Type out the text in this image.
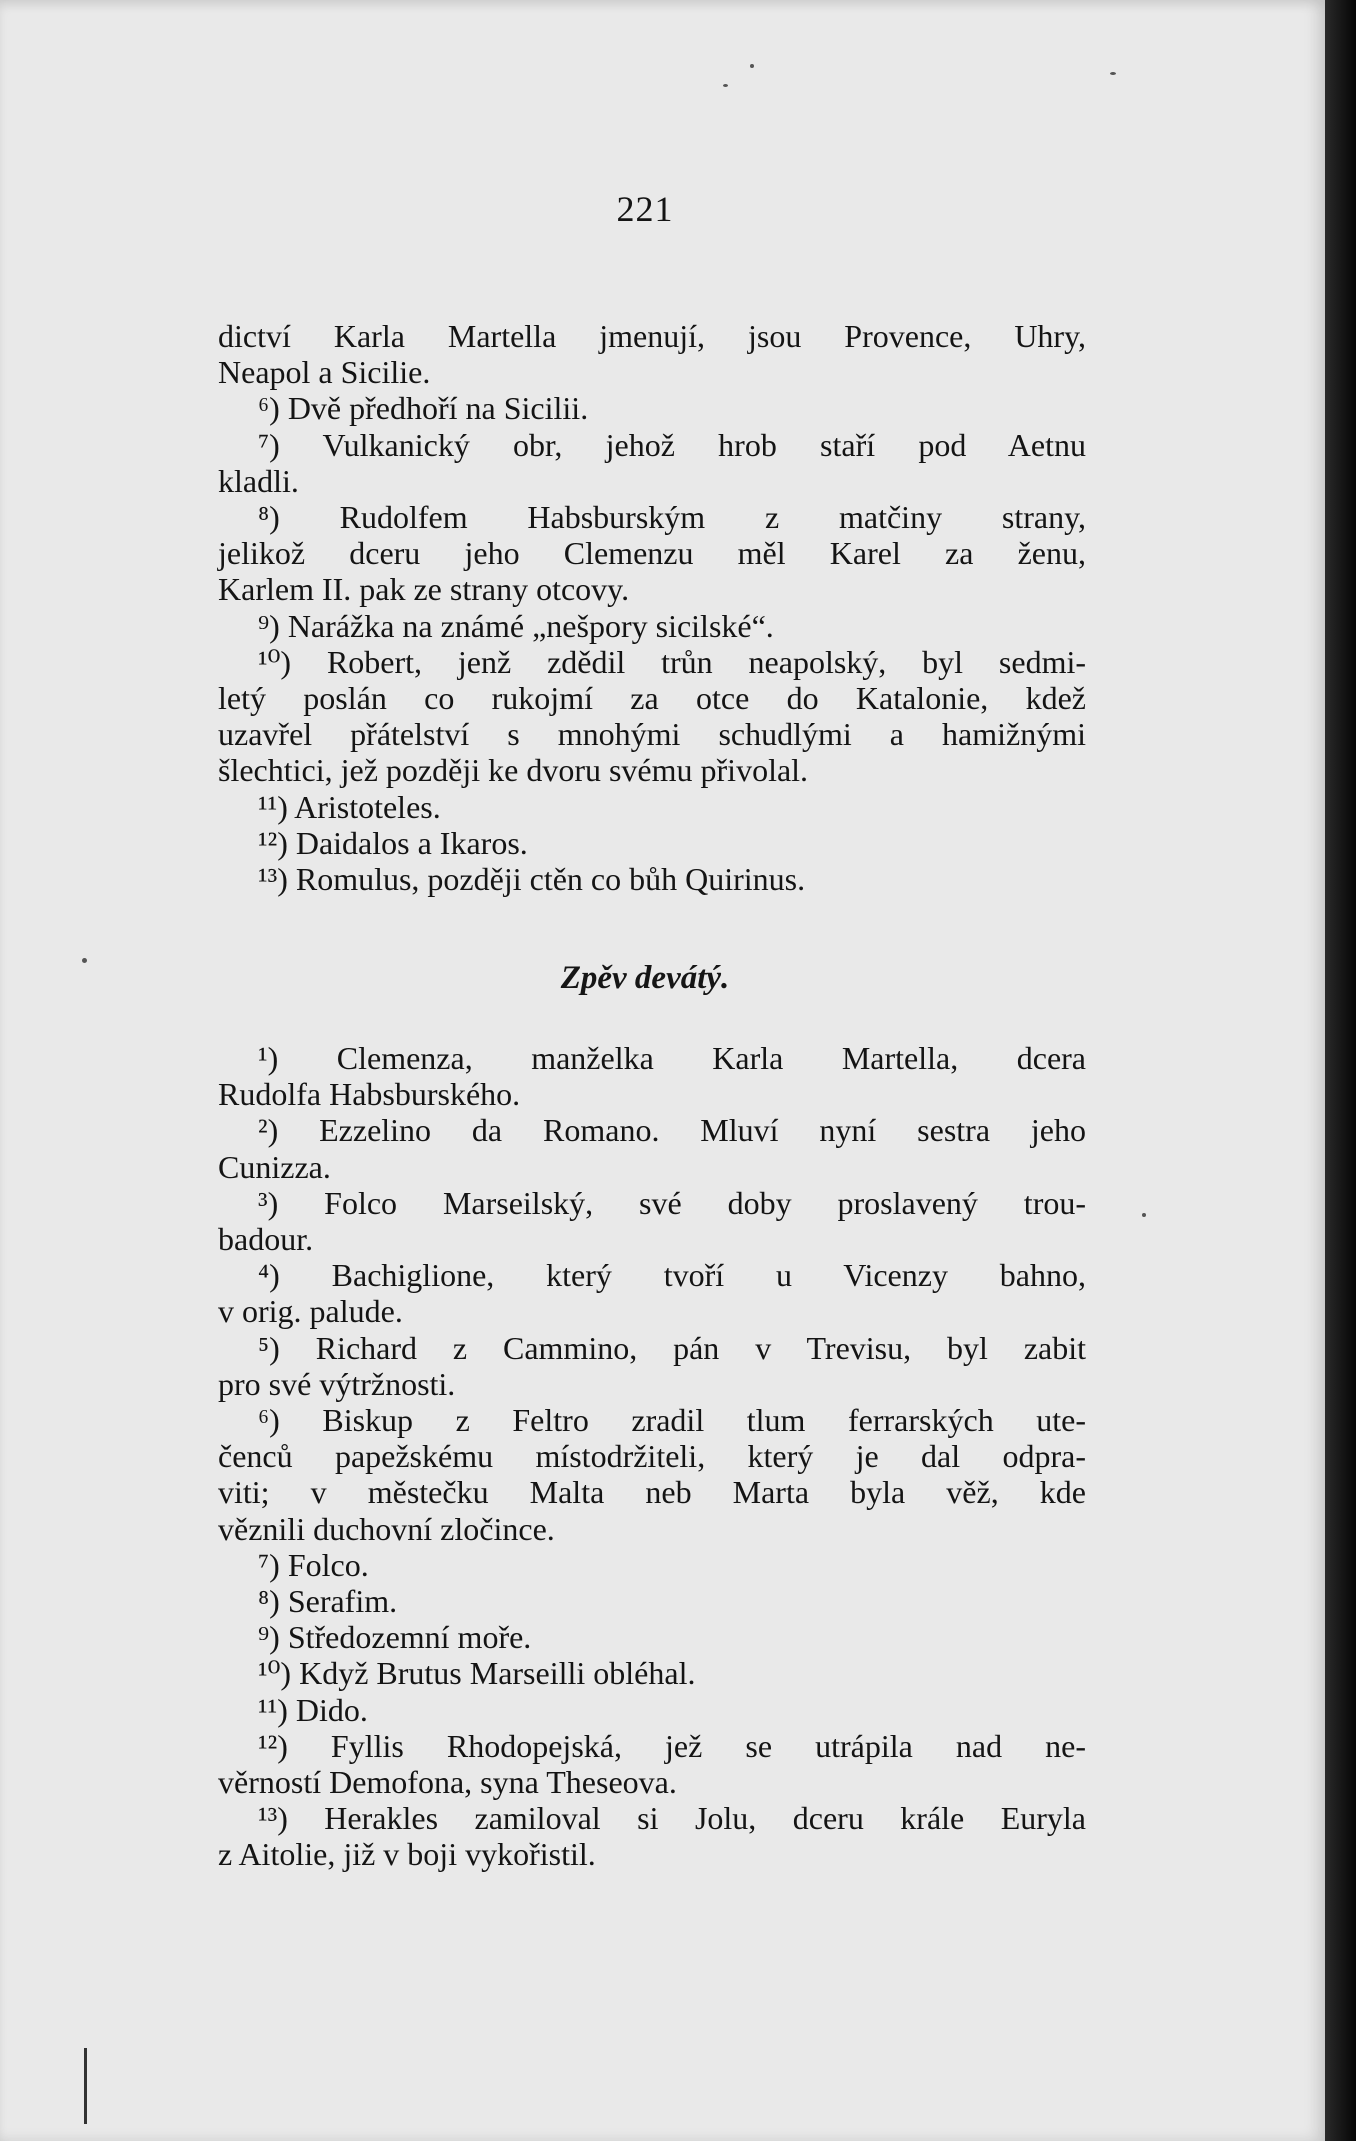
221
dictví Karla Martella jmenují, jsou Provence, Uhry,
Neapol a Sicilie.
⁶) Dvě předhoří na Sicilii.
⁷) Vulkanický obr, jehož hrob staří pod Aetnu
kladli.
⁸) Rudolfem Habsburským z matčiny strany,
jelikož dceru jeho Clemenzu měl Karel za ženu,
Karlem II. pak ze strany otcovy.
⁹) Narážka na známé „nešpory sicilské“.
¹⁰) Robert, jenž zdědil trůn neapolský, byl sedmi-
letý poslán co rukojmí za otce do Katalonie, kdež
uzavřel přátelství s mnohými schudlými a hamižnými
šlechtici, jež později ke dvoru svému přivolal.
¹¹) Aristoteles.
¹²) Daidalos a Ikaros.
¹³) Romulus, později ctěn co bůh Quirinus.
Zpěv devátý.
¹) Clemenza, manželka Karla Martella, dcera
Rudolfa Habsburského.
²) Ezzelino da Romano. Mluví nyní sestra jeho
Cunizza.
³) Folco Marseilský, své doby proslavený trou-
badour.
⁴) Bachiglione, který tvoří u Vicenzy bahno,
v orig. palude.
⁵) Richard z Cammino, pán v Trevisu, byl zabit
pro své výtržnosti.
⁶) Biskup z Feltro zradil tlum ferrarských ute-
čenců papežskému místodržiteli, který je dal odpra-
viti; v městečku Malta neb Marta byla věž, kde
věznili duchovní zločince.
⁷) Folco.
⁸) Serafim.
⁹) Středozemní moře.
¹⁰) Když Brutus Marseilli obléhal.
¹¹) Dido.
¹²) Fyllis Rhodopejská, jež se utrápila nad ne-
věrností Demofona, syna Theseova.
¹³) Herakles zamiloval si Jolu, dceru krále Euryla
z Aitolie, již v boji vykořistil.
